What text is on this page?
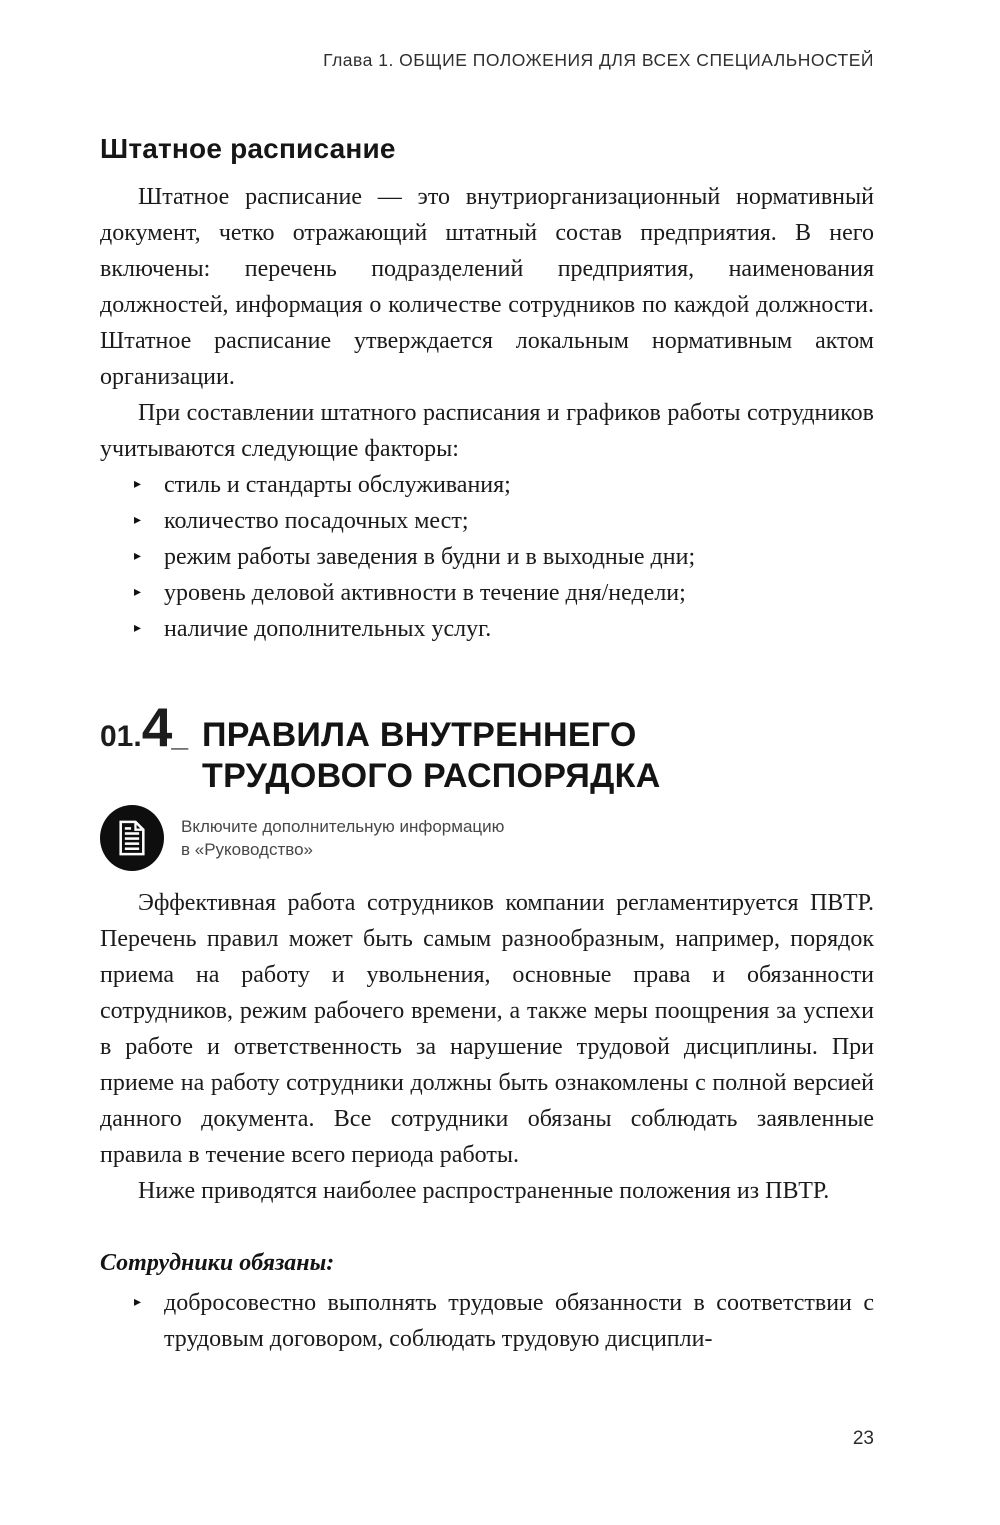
Глава 1. ОБЩИЕ ПОЛОЖЕНИЯ ДЛЯ ВСЕХ СПЕЦИАЛЬНОСТЕЙ
Штатное расписание

Штатное расписание — это внутриорганизационный нормативный документ, четко отражающий штатный состав предприятия. В него включены: перечень подразделений предприятия, наименования должностей, информация о количестве сотрудников по каждой должности. Штатное расписание утверждается локальным нормативным актом организации.

При составлении штатного расписания и графиков работы сотрудников учитываются следующие факторы:

▸ стиль и стандарты обслуживания;
▸ количество посадочных мест;
▸ режим работы заведения в будни и в выходные дни;
▸ уровень деловой активности в течение дня/недели;
▸ наличие дополнительных услуг.
01.4_ ПРАВИЛА ВНУТРЕННЕГО
ТРУДОВОГО РАСПОРЯДКА
Включите дополнительную информацию
в «Руководство»

Эффективная работа сотрудников компании регламентируется ПВТР. Перечень правил может быть самым разнообразным, например, порядок приема на работу и увольнения, основные права и обязанности сотрудников, режим рабочего времени, а также меры поощрения за успехи в работе и ответственность за нарушение трудовой дисциплины. При приеме на работу сотрудники должны быть ознакомлены с полной версией данного документа. Все сотрудники обязаны соблюдать заявленные правила в течение всего периода работы.

Ниже приводятся наиболее распространенные положения из ПВТР.

Сотрудники обязаны:

▸ добросовестно выполнять трудовые обязанности в соответствии с трудовым договором, соблюдать трудовую дисципли-
23
